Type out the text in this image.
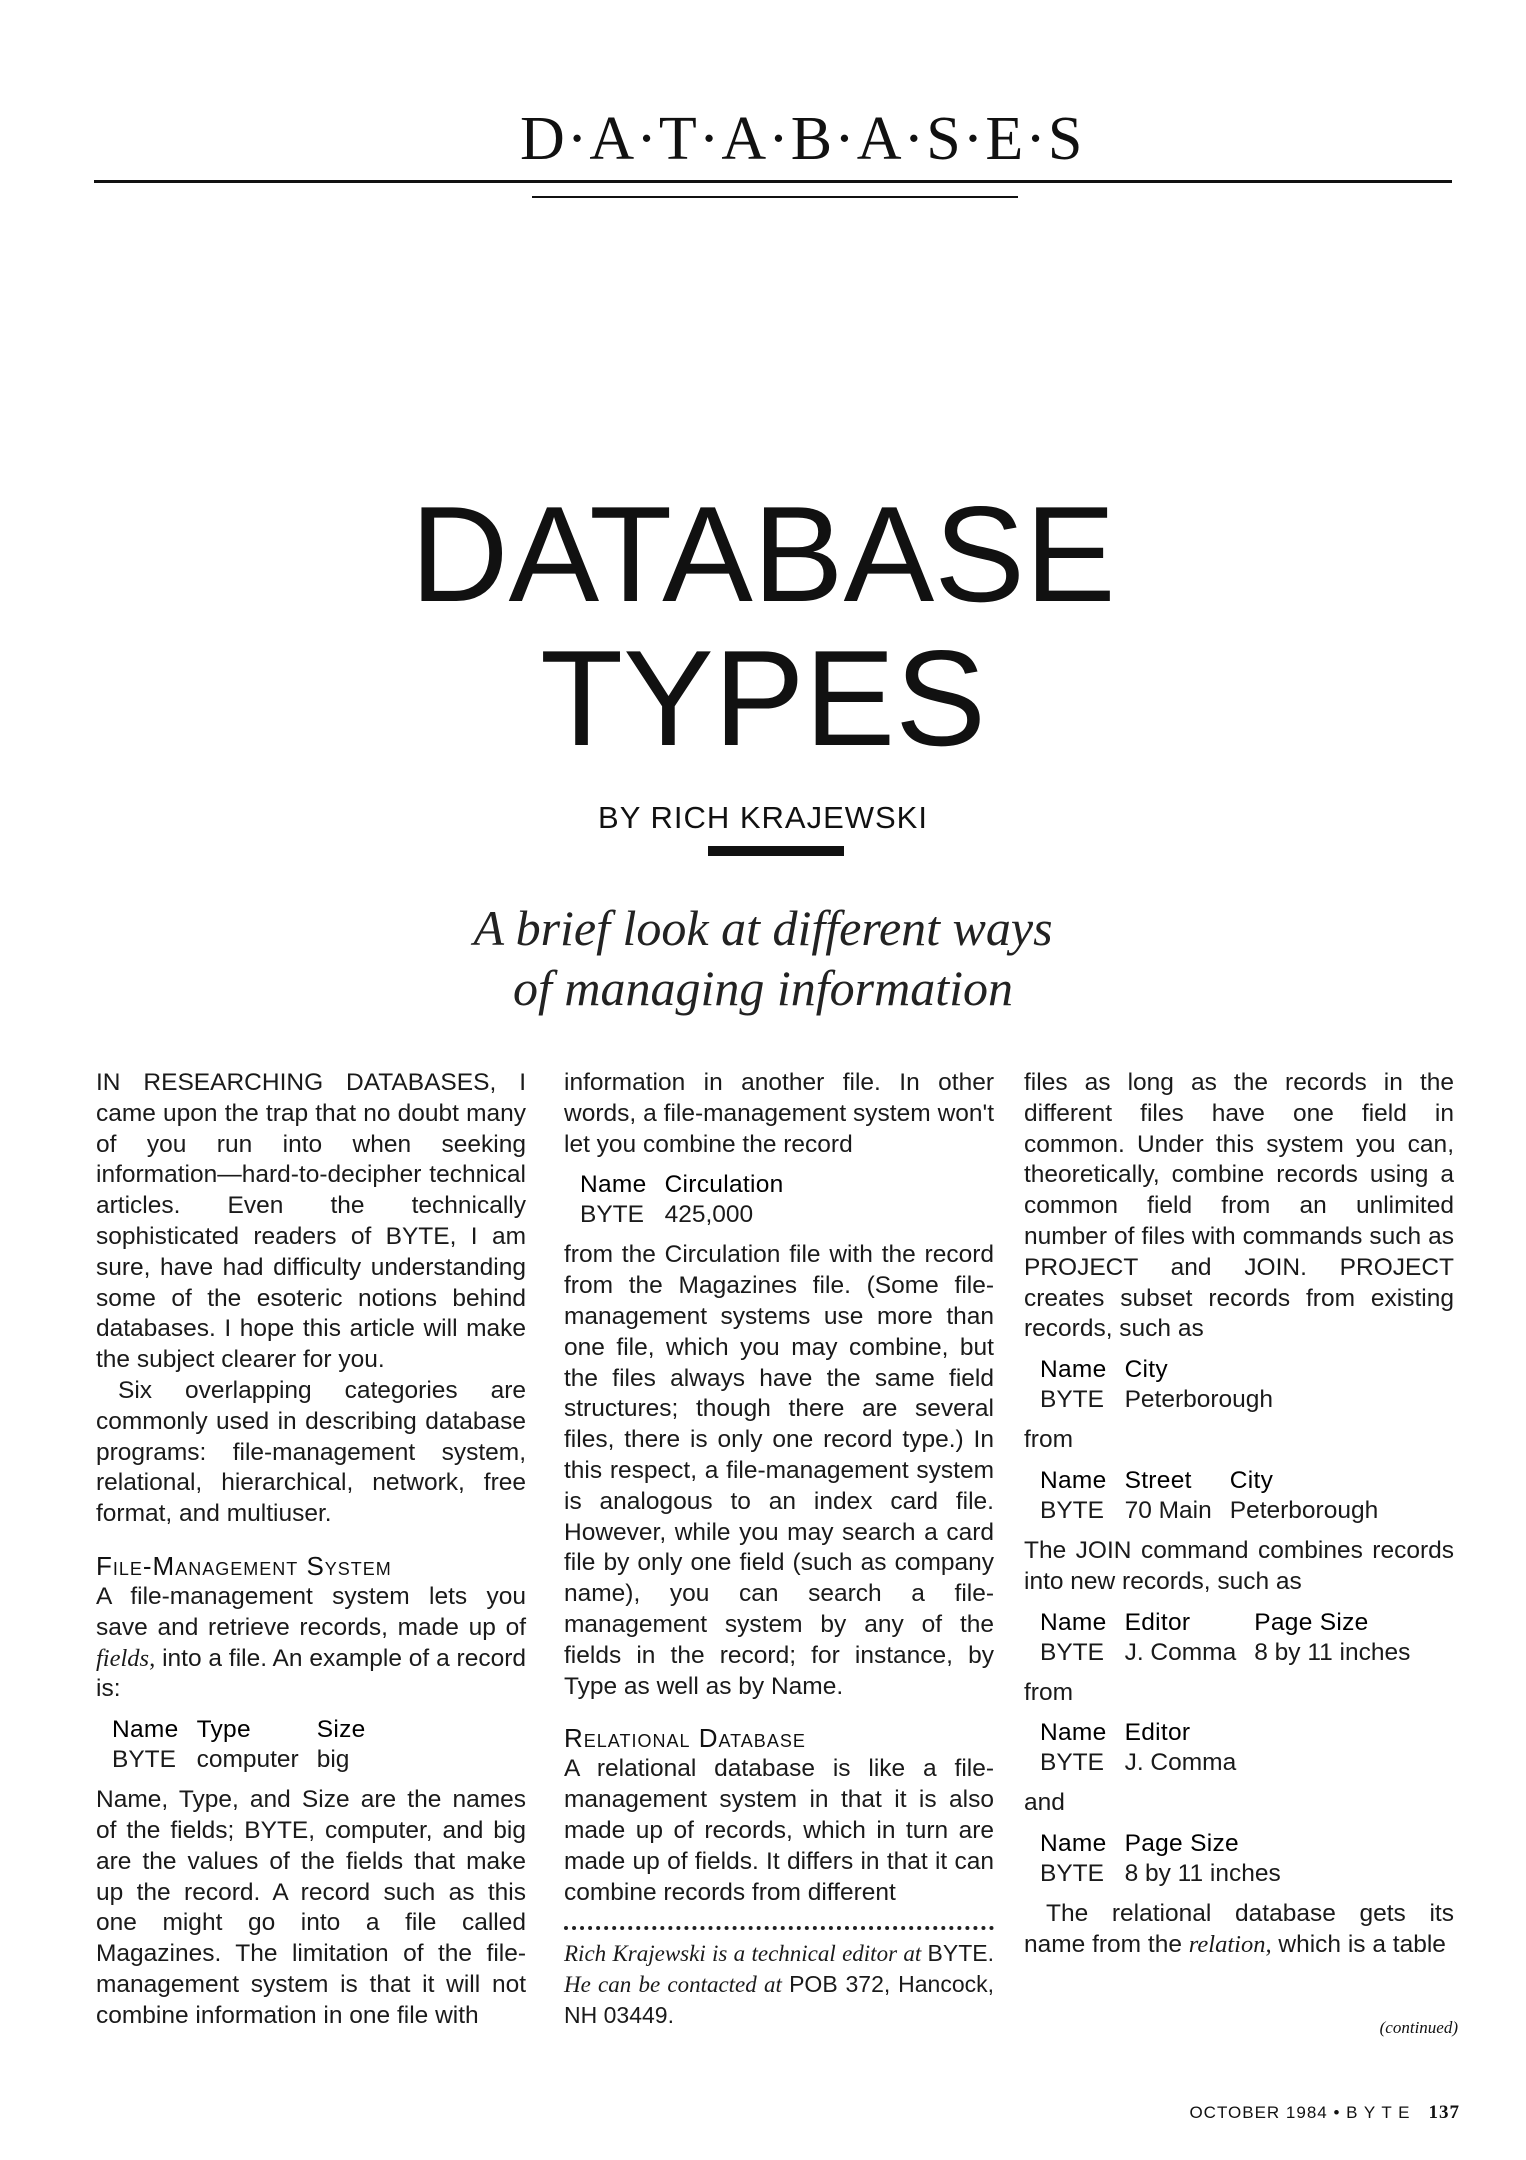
D·A·T·A·B·A·S·E·S
DATABASE
TYPES
BY RICH KRAJEWSKI
A brief look at different ways
of managing information

IN RESEARCHING DATABASES, I came upon the trap that no doubt many of you run into when seeking information—hard-to-decipher technical articles. Even the technically sophisticated readers of BYTE, I am sure, have had difficulty understanding some of the esoteric notions behind databases. I hope this article will make the subject clearer for you.

Six overlapping categories are commonly used in describing database programs: file-management system, relational, hierarchical, network, free format, and multiuser.

File-Management System

A file-management system lets you save and retrieve records, made up of fields, into a file. An example of a record is:

Name	Type	Size
BYTE	computer	big

Name, Type, and Size are the names of the fields; BYTE, computer, and big are the values of the fields that make up the record. A record such as this one might go into a file called Magazines. The limitation of the file-management system is that it will not combine information in one file with

information in another file. In other words, a file-management system won't let you combine the record

Name	Circulation
BYTE	425,000

from the Circulation file with the record from the Magazines file. (Some file-management systems use more than one file, which you may combine, but the files always have the same field structures; though there are several files, there is only one record type.) In this respect, a file-management system is analogous to an index card file. However, while you may search a card file by only one field (such as company name), you can search a file-management system by any of the fields in the record; for instance, by Type as well as by Name.

Relational Database

A relational database is like a file-management system in that it is also made up of records, which in turn are made up of fields. It differs in that it can combine records from different

Rich Krajewski is a technical editor at BYTE. He can be contacted at POB 372, Hancock, NH 03449.

files as long as the records in the different files have one field in common. Under this system you can, theoretically, combine records using a common field from an unlimited number of files with commands such as PROJECT and JOIN. PROJECT creates subset records from existing records, such as

Name	City
BYTE	Peterborough

from

Name	Street	City
BYTE	70 Main	Peterborough

The JOIN command combines records into new records, such as

Name	Editor	Page Size
BYTE	J. Comma	8 by 11 inches

from

Name	Editor
BYTE	J. Comma

and

Name	Page Size
BYTE	8 by 11 inches

The relational database gets its name from the relation, which is a table

(continued)
OCTOBER 1984 • B Y T E 137
